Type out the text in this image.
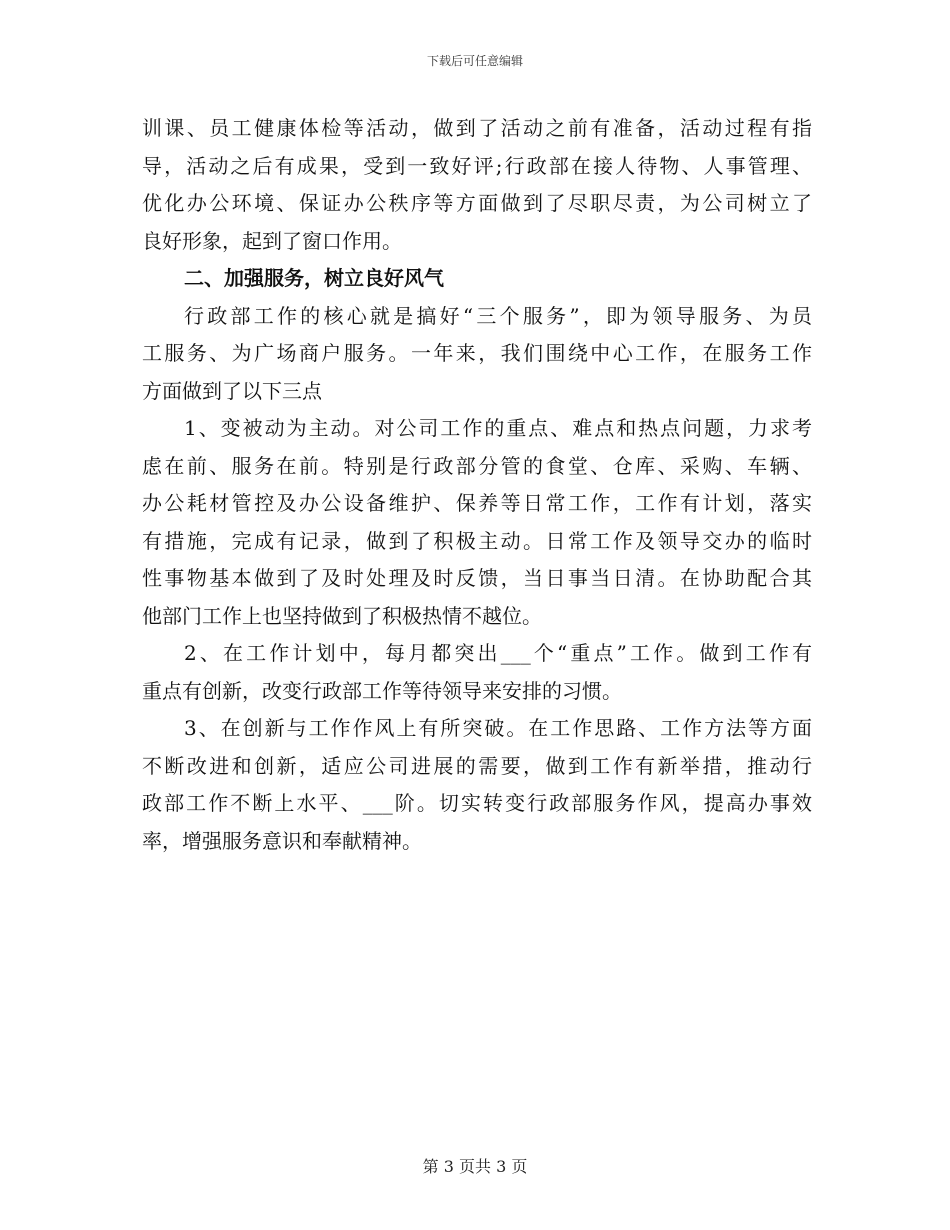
下载后可任意编辑
训课、员工健康体检等活动，做到了活动之前有准备，活动过程有指
导，活动之后有成果，受到一致好评;行政部在接人待物、人事管理、
优化办公环境、保证办公秩序等方面做到了尽职尽责，为公司树立了
良好形象，起到了窗口作用。
二、加强服务，树立良好风气
行政部工作的核心就是搞好“三个服务”，即为领导服务、为员
工服务、为广场商户服务。一年来，我们围绕中心工作，在服务工作
方面做到了以下三点
1、变被动为主动。对公司工作的重点、难点和热点问题，力求考
虑在前、服务在前。特别是行政部分管的食堂、仓库、采购、车辆、
办公耗材管控及办公设备维护、保养等日常工作，工作有计划，落实
有措施，完成有记录，做到了积极主动。日常工作及领导交办的临时
性事物基本做到了及时处理及时反馈，当日事当日清。在协助配合其
他部门工作上也坚持做到了积极热情不越位。
2、在工作计划中，每月都突出___个“重点”工作。做到工作有
重点有创新，改变行政部工作等待领导来安排的习惯。
3、在创新与工作作风上有所突破。在工作思路、工作方法等方面
不断改进和创新，适应公司进展的需要，做到工作有新举措，推动行
政部工作不断上水平、___阶。切实转变行政部服务作风，提高办事效
率，增强服务意识和奉献精神。
第 3 页共 3 页
